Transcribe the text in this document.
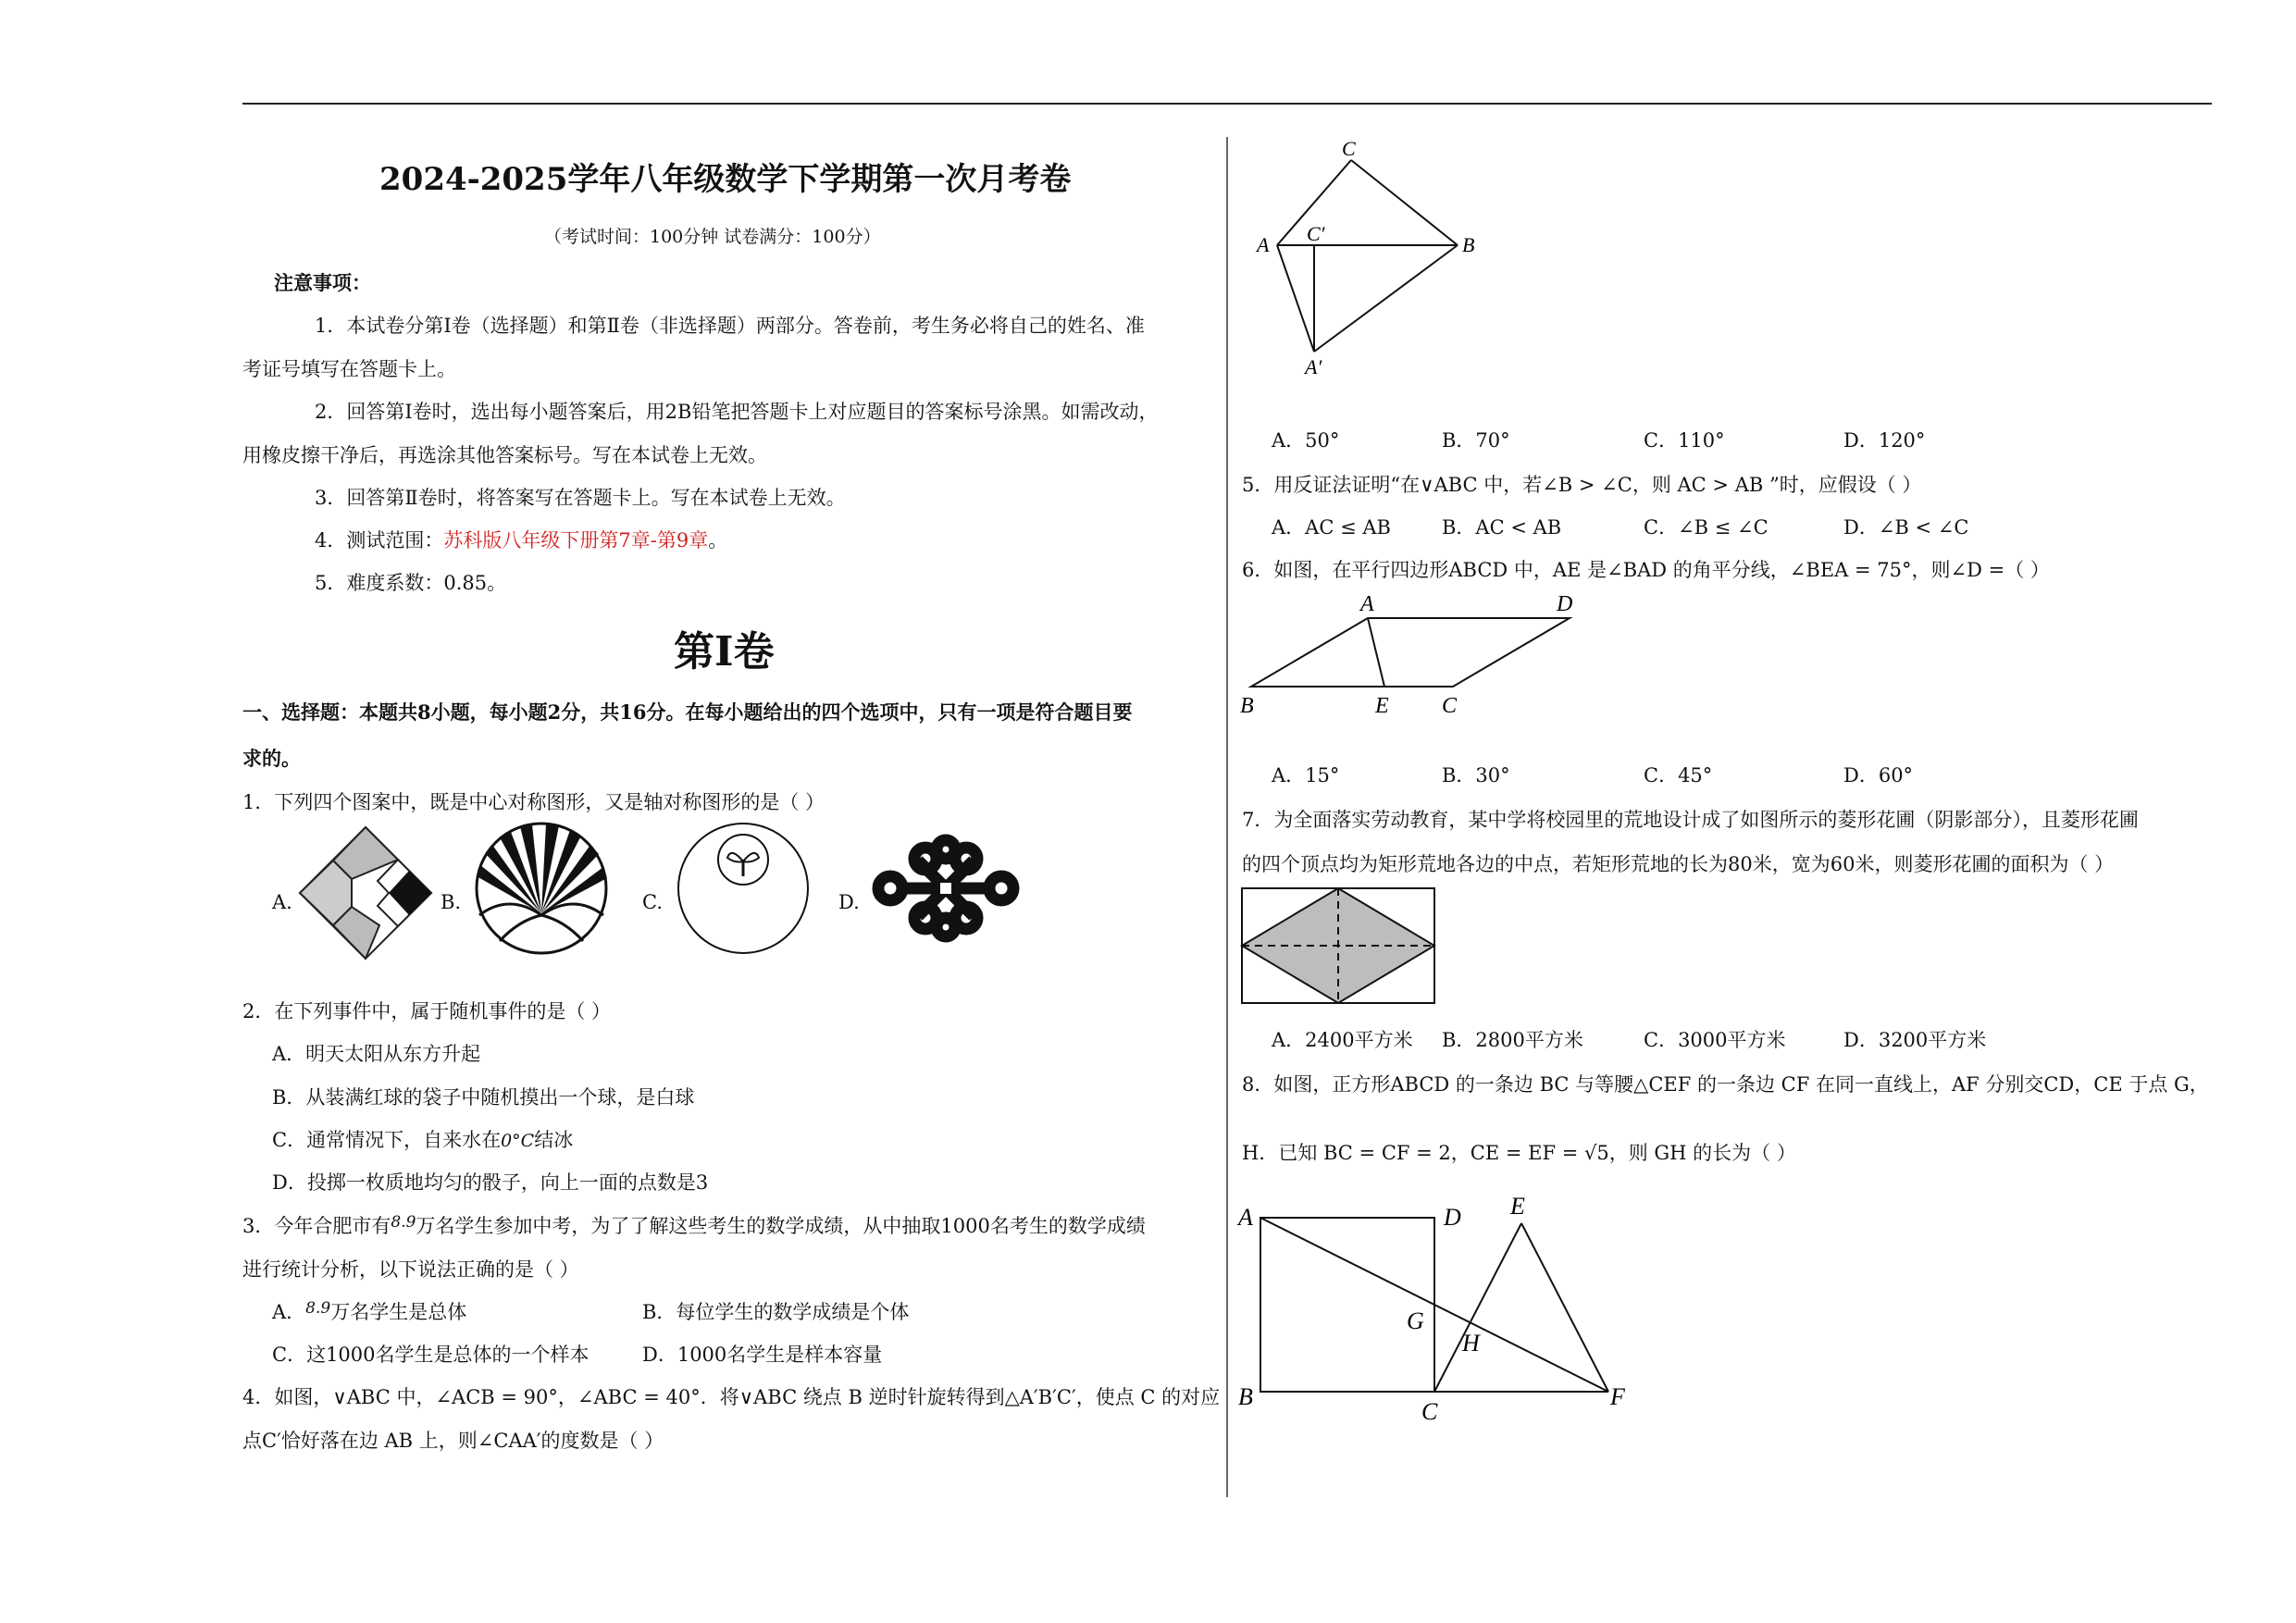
2024-2025学年八年级数学下学期第一次月考卷
（考试时间：100分钟 试卷满分：100分）
注意事项：
1．本试卷分第Ⅰ卷（选择题）和第Ⅱ卷（非选择题）两部分。答卷前，考生务必将自己的姓名、准
考证号填写在答题卡上。
2．回答第Ⅰ卷时，选出每小题答案后，用2B铅笔把答题卡上对应题目的答案标号涂黑。如需改动，
用橡皮擦干净后，再选涂其他答案标号。写在本试卷上无效。
3．回答第Ⅱ卷时，将答案写在答题卡上。写在本试卷上无效。
4．测试范围：苏科版八年级下册第7章-第9章。
5．难度系数：0.85。
第Ⅰ卷
一、选择题：本题共8小题，每小题2分，共16分。在每小题给出的四个选项中，只有一项是符合题目要
求的。
1．下列四个图案中，既是中心对称图形，又是轴对称图形的是（ ）
A.	B.	C.	D.
2．在下列事件中，属于随机事件的是（ ）
A．明天太阳从东方升起
B．从装满红球的袋子中随机摸出一个球，是白球
C．通常情况下，自来水在0°C结冰
D．投掷一枚质地均匀的骰子，向上一面的点数是3
3．今年合肥市有$^{8.9}$万名学生参加中考，为了了解这些考生的数学成绩，从中抽取1000名考生的数学成绩
进行统计分析，以下说法正确的是（ ）
A．$^{8.9}$万名学生是总体	B．每位学生的数学成绩是个体
C．这1000名学生是总体的一个样本	D．1000名学生是样本容量
4．如图，∨ABC 中，∠ACB = 90°，∠ABC = 40°．将∨ABC 绕点 B 逆时针旋转得到△A′B′C′，使点 C 的对应
点C′恰好落在边 AB 上，则∠CAA′的度数是（ ）
C
A C′	B
A′
A．50°	B．70°	C．110°	D．120°
5．用反证法证明“在∨ABC 中，若∠B > ∠C，则 AC > AB ”时，应假设（ ）
A．AC ≤ AB	B．AC < AB	C．∠B ≤ ∠C	D．∠B < ∠C
6．如图，在平行四边形ABCD 中，AE 是∠BAD 的角平分线，∠BEA = 75°，则∠D =（ ）
A	D
B	E C
A．15°	B．30°	C．45°	D．60°
7．为全面落实劳动教育，某中学将校园里的荒地设计成了如图所示的菱形花圃（阴影部分），且菱形花圃
的四个顶点均为矩形荒地各边的中点，若矩形荒地的长为80米，宽为60米，则菱形花圃的面积为（ ）
A．2400平方米 B．2800平方米	C．3000平方米	D．3200平方米
8．如图，正方形ABCD 的一条边 BC 与等腰△CEF 的一条边 CF 在同一直线上，AF 分别交CD，CE 于点 G，
H．已知 BC = CF = 2，CE = EF = √5，则 GH 的长为（ ）
A	D E
G
H
B
C
F
